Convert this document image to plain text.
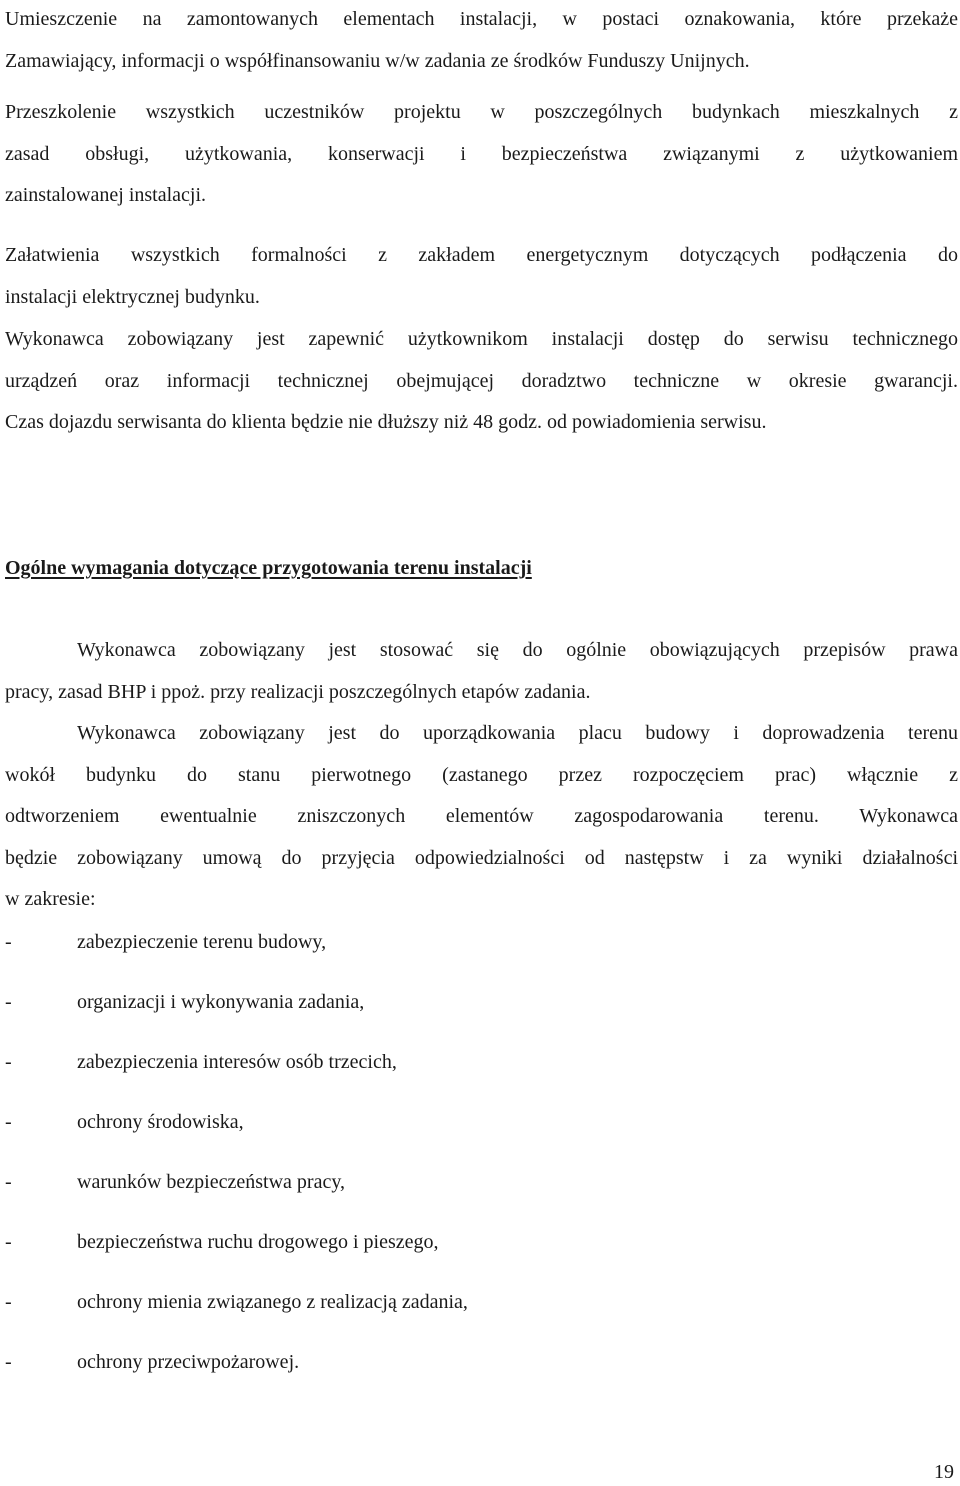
Umieszczenie na zamontowanych elementach instalacji, w postaci oznakowania, które przekaże
Zamawiający, informacji o współfinansowaniu w/w zadania ze środków Funduszy Unijnych.

Przeszkolenie wszystkich uczestników projektu w poszczególnych budynkach mieszkalnych z
zasad obsługi, użytkowania, konserwacji i bezpieczeństwa związanymi z użytkowaniem
zainstalowanej instalacji.

Załatwienia wszystkich formalności z zakładem energetycznym dotyczących podłączenia do
instalacji elektrycznej budynku.

Wykonawca zobowiązany jest zapewnić użytkownikom instalacji dostęp do serwisu technicznego
urządzeń oraz informacji technicznej obejmującej doradztwo techniczne w okresie gwarancji.
Czas dojazdu serwisanta do klienta będzie nie dłuższy niż 48 godz. od powiadomienia serwisu.

Ogólne wymagania dotyczące przygotowania terenu instalacji

Wykonawca zobowiązany jest stosować się do ogólnie obowiązujących przepisów prawa
pracy, zasad BHP i ppoż. przy realizacji poszczególnych etapów zadania.

Wykonawca zobowiązany jest do uporządkowania placu budowy i doprowadzenia terenu
wokół budynku do stanu pierwotnego (zastanego przez rozpoczęciem prac) włącznie z
odtworzeniem ewentualnie zniszczonych elementów zagospodarowania terenu. Wykonawca
będzie zobowiązany umową do przyjęcia odpowiedzialności od następstw i za wyniki działalności
w zakresie:

-	zabezpieczenie terenu budowy,
-	organizacji i wykonywania zadania,
-	zabezpieczenia interesów osób trzecich,
-	ochrony środowiska,
-	warunków bezpieczeństwa pracy,
-	bezpieczeństwa ruchu drogowego i pieszego,
-	ochrony mienia związanego z realizacją zadania,
-	ochrony przeciwpożarowej.
19
